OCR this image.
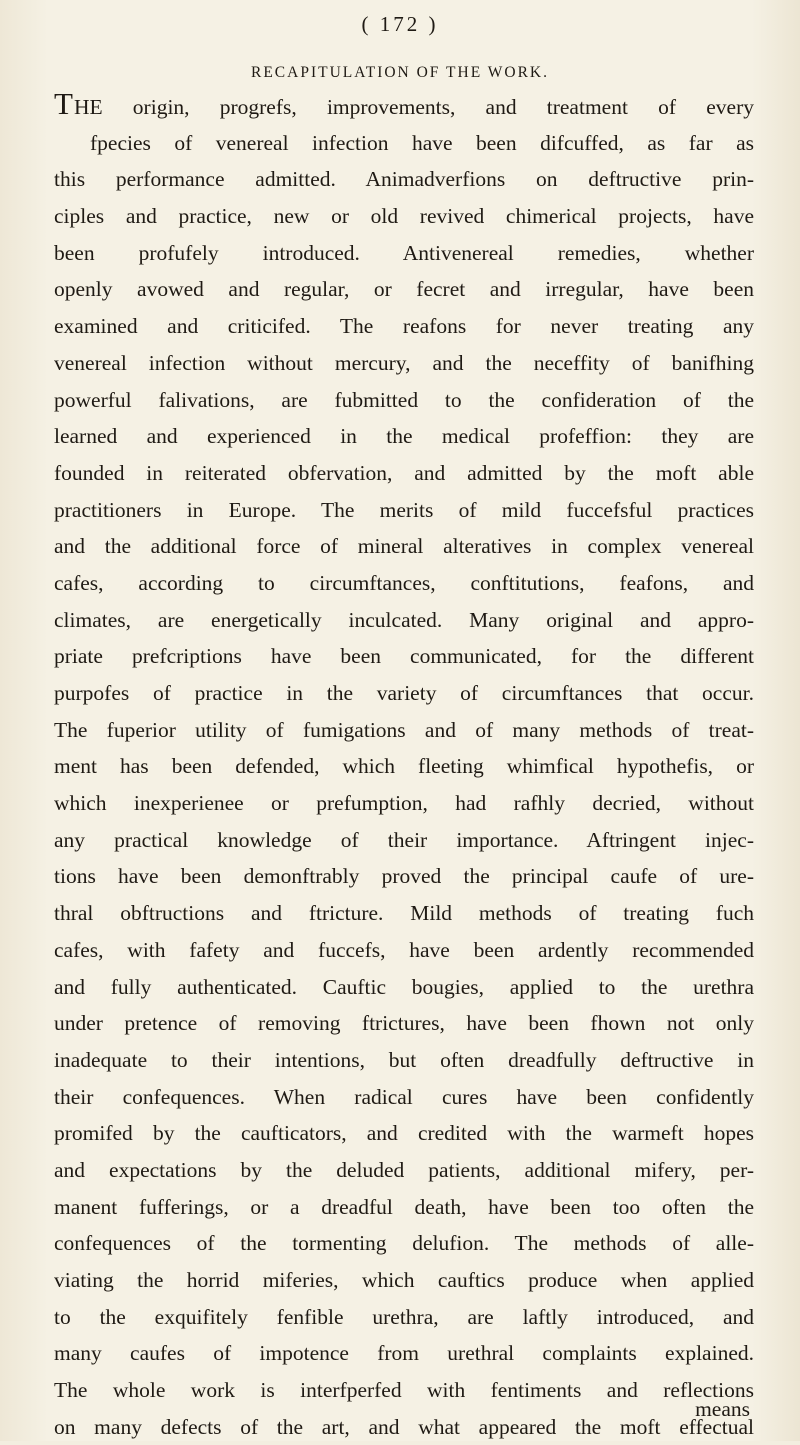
( 172 )
RECAPITULATION OF THE WORK.
THE origin, progrefs, improvements, and treatment of every
fpecies of venereal infection have been difcuffed, as far as
this performance admitted. Animadverfions on deftructive prin-
ciples and practice, new or old revived chimerical projects, have
been profufely introduced. Antivenereal remedies, whether
openly avowed and regular, or fecret and irregular, have been
examined and criticifed. The reafons for never treating any
venereal infection without mercury, and the neceffity of banifhing
powerful falivations, are fubmitted to the confideration of the
learned and experienced in the medical profeffion: they are
founded in reiterated obfervation, and admitted by the moft able
practitioners in Europe. The merits of mild fuccefsful practices
and the additional force of mineral alteratives in complex venereal
cafes, according to circumftances, conftitutions, feafons, and
climates, are energetically inculcated. Many original and appro-
priate prefcriptions have been communicated, for the different
purpofes of practice in the variety of circumftances that occur.
The fuperior utility of fumigations and of many methods of treat-
ment has been defended, which fleeting whimfical hypothefis, or
which inexperienee or prefumption, had rafhly decried, without
any practical knowledge of their importance. Aftringent injec-
tions have been demonftrably proved the principal caufe of ure-
thral obftructions and ftricture. Mild methods of treating fuch
cafes, with fafety and fuccefs, have been ardently recommended
and fully authenticated. Cauftic bougies, applied to the urethra
under pretence of removing ftrictures, have been fhown not only
inadequate to their intentions, but often dreadfully deftructive in
their confequences. When radical cures have been confidently
promifed by the caufticators, and credited with the warmeft hopes
and expectations by the deluded patients, additional mifery, per-
manent fufferings, or a dreadful death, have been too often the
confequences of the tormenting delufion. The methods of alle-
viating the horrid miferies, which cauftics produce when applied
to the exquifitely fenfible urethra, are laftly introduced, and
many caufes of impotence from urethral complaints explained.
The whole work is interfperfed with fentiments and reflections
on many defects of the art, and what appeared the moft effectual
means
